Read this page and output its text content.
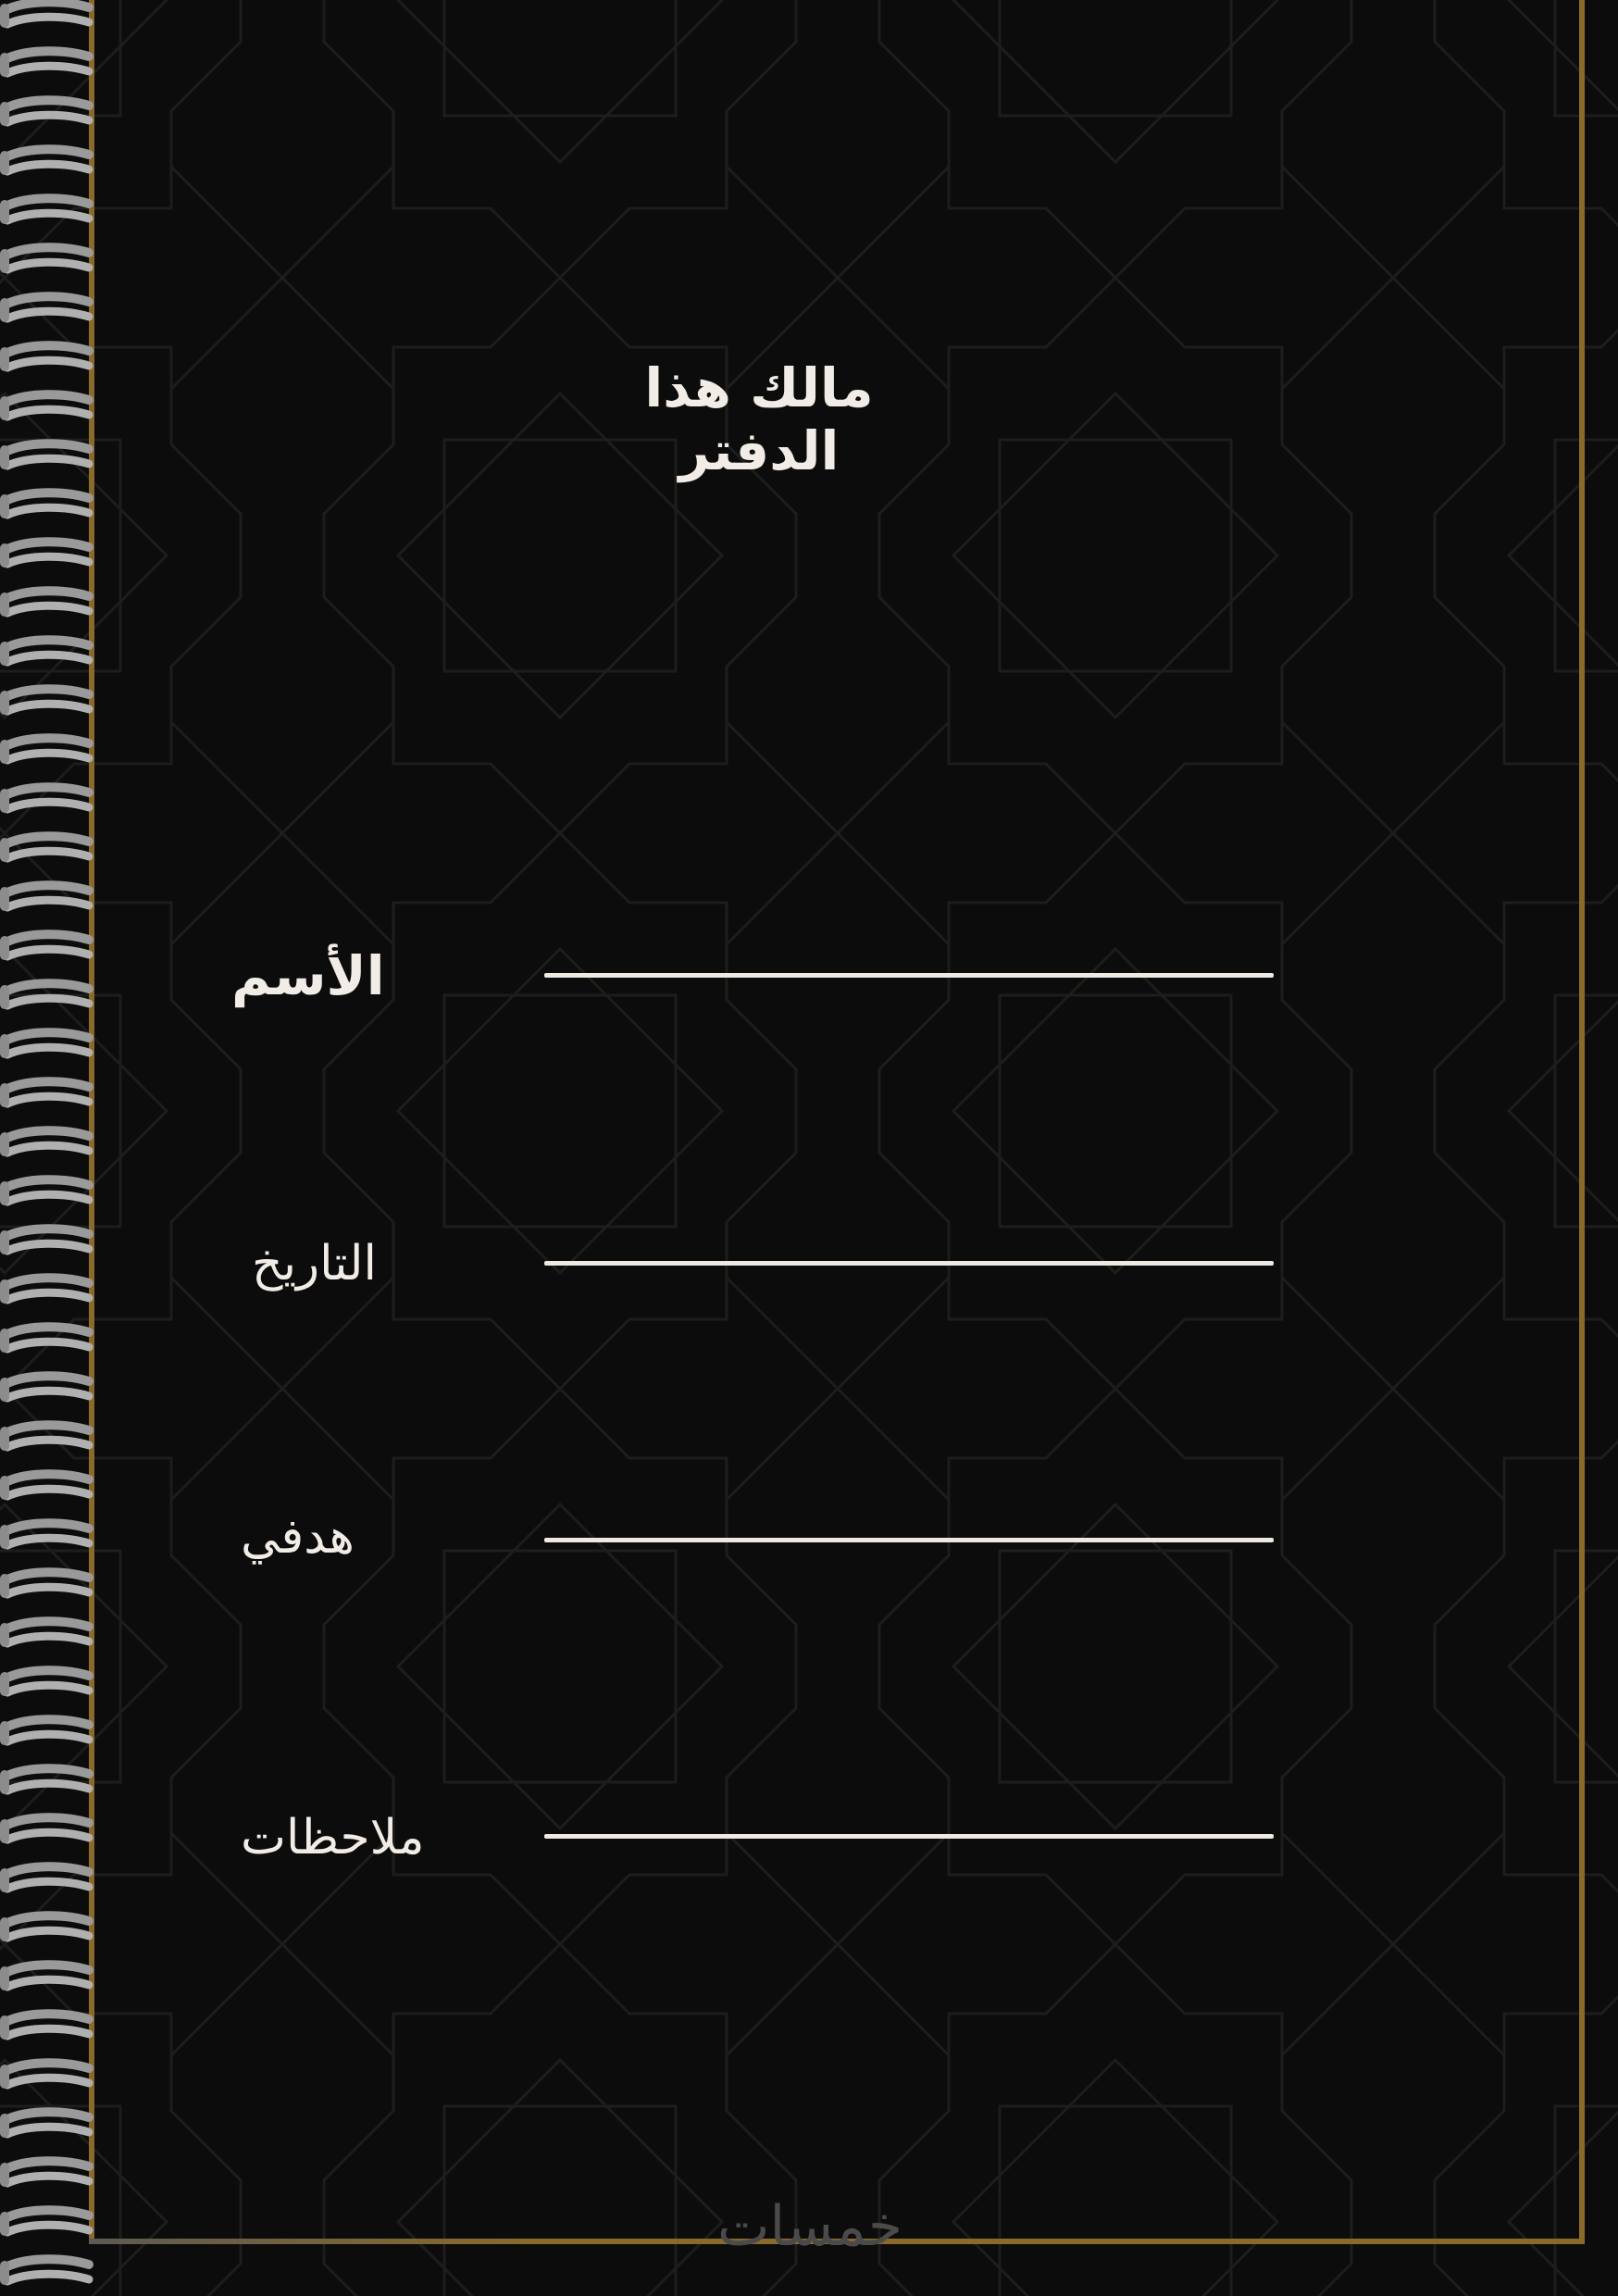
مالك هذا الدفتر
الأسم
التاريخ
هدفي
ملاحظات
خمسات
